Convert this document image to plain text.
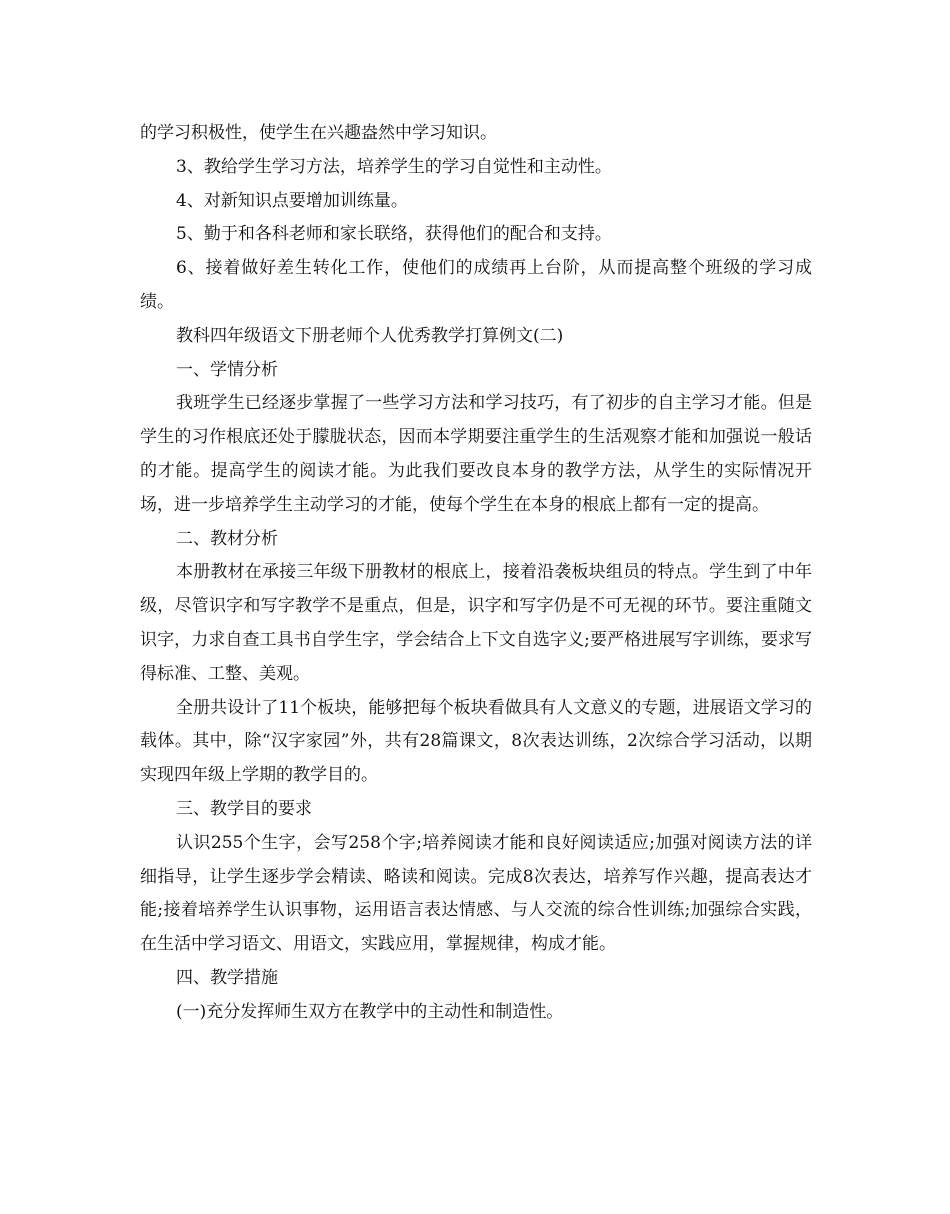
的学习积极性，使学生在兴趣盎然中学习知识。

3、教给学生学习方法，培养学生的学习自觉性和主动性。

4、对新知识点要增加训练量。

5、勤于和各科老师和家长联络，获得他们的配合和支持。

6、接着做好差生转化工作，使他们的成绩再上台阶，从而提高整个班级的学习成绩。

教科四年级语文下册老师个人优秀教学打算例文(二)

一、学情分析

我班学生已经逐步掌握了一些学习方法和学习技巧，有了初步的自主学习才能。但是学生的习作根底还处于朦胧状态，因而本学期要注重学生的生活观察才能和加强说一般话的才能。提高学生的阅读才能。为此我们要改良本身的教学方法，从学生的实际情况开场，进一步培养学生主动学习的才能，使每个学生在本身的根底上都有一定的提高。

二、教材分析

本册教材在承接三年级下册教材的根底上，接着沿袭板块组员的特点。学生到了中年级，尽管识字和写字教学不是重点，但是，识字和写字仍是不可无视的环节。要注重随文识字，力求自查工具书自学生字，学会结合上下文自选字义;要严格进展写字训练，要求写得标准、工整、美观。

全册共设计了11个板块，能够把每个板块看做具有人文意义的专题，进展语文学习的载体。其中，除“汉字家园”外，共有28篇课文，8次表达训练，2次综合学习活动，以期实现四年级上学期的教学目的。

三、教学目的要求

认识255个生字，会写258个字;培养阅读才能和良好阅读适应;加强对阅读方法的详细指导，让学生逐步学会精读、略读和阅读。完成8次表达，培养写作兴趣，提高表达才能;接着培养学生认识事物，运用语言表达情感、与人交流的综合性训练;加强综合实践，在生活中学习语文、用语文，实践应用，掌握规律，构成才能。

四、教学措施

(一)充分发挥师生双方在教学中的主动性和制造性。
